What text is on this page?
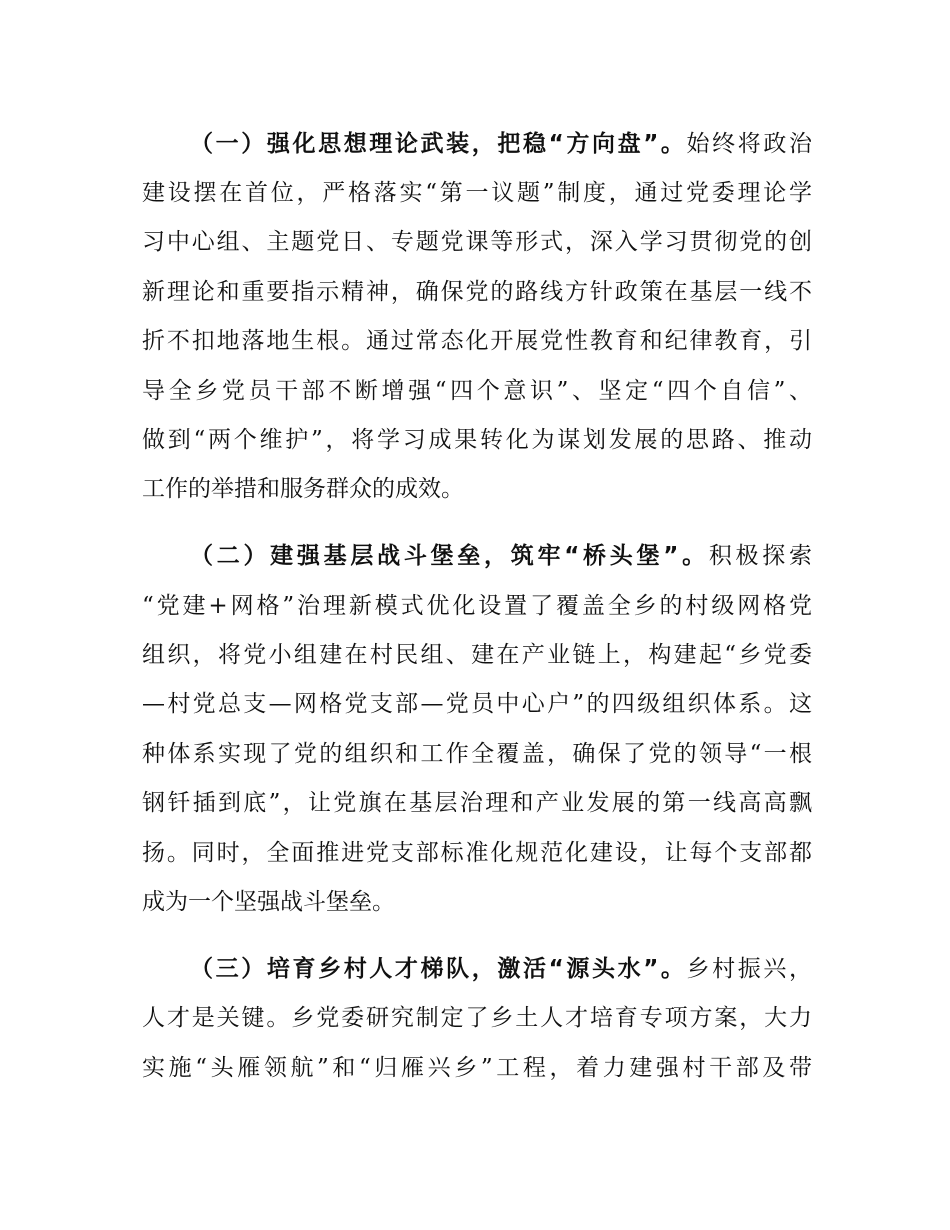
（一）强化思想理论武装，把稳“方向盘”。始终将政治
建设摆在首位，严格落实“第一议题”制度，通过党委理论学
习中心组、主题党日、专题党课等形式，深入学习贯彻党的创
新理论和重要指示精神，确保党的路线方针政策在基层一线不
折不扣地落地生根。通过常态化开展党性教育和纪律教育，引
导全乡党员干部不断增强“四个意识”、坚定“四个自信”、
做到“两个维护”，将学习成果转化为谋划发展的思路、推动
工作的举措和服务群众的成效。
（二）建强基层战斗堡垒，筑牢“桥头堡”。积极探索
“党建+网格”治理新模式优化设置了覆盖全乡的村级网格党
组织，将党小组建在村民组、建在产业链上，构建起“乡党委
—村党总支—网格党支部—党员中心户”的四级组织体系。这
种体系实现了党的组织和工作全覆盖，确保了党的领导“一根
钢钎插到底”，让党旗在基层治理和产业发展的第一线高高飘
扬。同时，全面推进党支部标准化规范化建设，让每个支部都
成为一个坚强战斗堡垒。
（三）培育乡村人才梯队，激活“源头水”。乡村振兴，
人才是关键。乡党委研究制定了乡土人才培育专项方案，大力
实施“头雁领航”和“归雁兴乡”工程，着力建强村干部及带
